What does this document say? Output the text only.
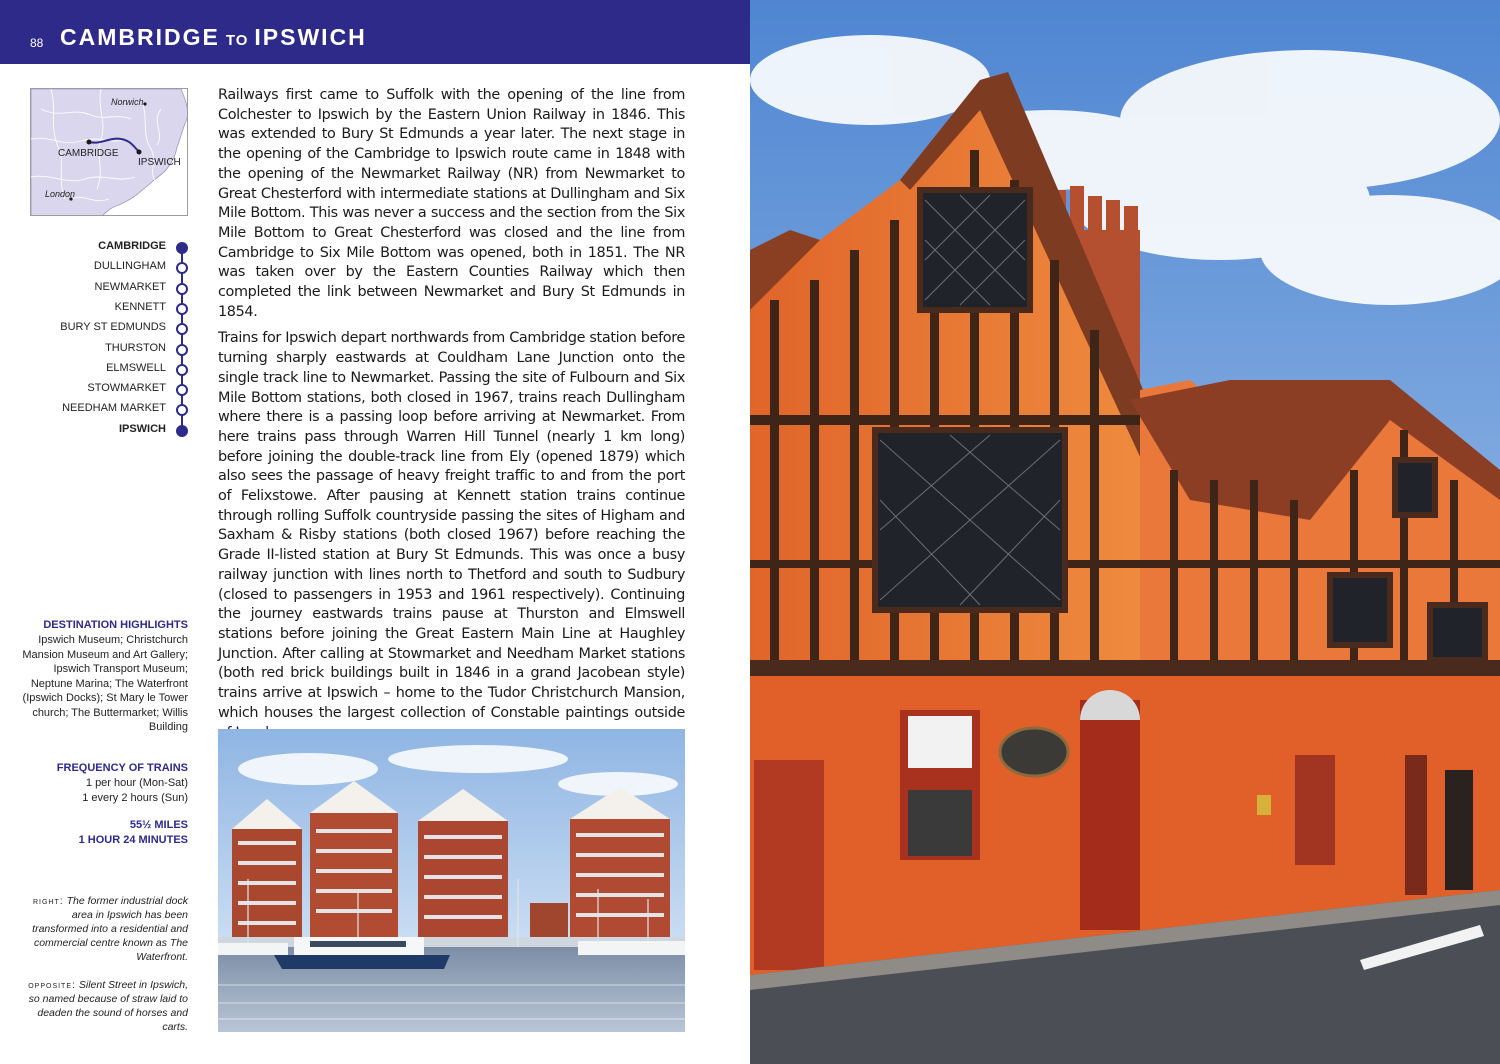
88 CAMBRIDGE TO IPSWICH
Norwich
CAMBRIDGE
IPSWICH
London
CAMBRIDGE
DULLINGHAM
NEWMARKET
KENNETT
BURY ST EDMUNDS
THURSTON
ELMSWELL
STOWMARKET
NEEDHAM MARKET
IPSWICH
DESTINATION HIGHLIGHTS
Ipswich Museum; Christchurch Mansion Museum and Art Gallery; Ipswich Transport Museum; Neptune Marina; The Waterfront (Ipswich Docks); St Mary le Tower church; The Buttermarket; Willis Building
FREQUENCY OF TRAINS
1 per hour (Mon-Sat)
1 every 2 hours (Sun)
55½ MILES
1 HOUR 24 MINUTES
right: The former industrial dock area in Ipswich has been transformed into a residential and commercial centre known as The Waterfront.
opposite: Silent Street in Ipswich, so named because of straw laid to deaden the sound of horses and carts.

Railways first came to Suffolk with the opening of the line from Colchester to Ipswich by the Eastern Union Railway in 1846. This was extended to Bury St Edmunds a year later. The next stage in the opening of the Cambridge to Ipswich route came in 1848 with the opening of the Newmarket Railway (NR) from Newmarket to Great Chesterford with intermediate stations at Dullingham and Six Mile Bottom. This was never a success and the section from the Six Mile Bottom to Great Chesterford was closed and the line from Cambridge to Six Mile Bottom was opened, both in 1851. The NR was taken over by the Eastern Counties Railway which then completed the link between Newmarket and Bury St Edmunds in 1854.

Trains for Ipswich depart northwards from Cambridge station before turning sharply eastwards at Couldham Lane Junction onto the single track line to Newmarket. Passing the site of Fulbourn and Six Mile Bottom stations, both closed in 1967, trains reach Dullingham where there is a passing loop before arriving at Newmarket. From here trains pass through Warren Hill Tunnel (nearly 1 km long) before joining the double-track line from Ely (opened 1879) which also sees the passage of heavy freight traffic to and from the port of Felixstowe. After pausing at Kennett station trains continue through rolling Suffolk countryside passing the sites of Higham and Saxham & Risby stations (both closed 1967) before reaching the Grade II-listed station at Bury St Edmunds. This was once a busy railway junction with lines north to Thetford and south to Sudbury (closed to passengers in 1953 and 1961 respectively). Continuing the journey eastwards trains pause at Thurston and Elmswell stations before joining the Great Eastern Main Line at Haughley Junction. After calling at Stowmarket and Needham Market stations (both red brick buildings built in 1846 in a grand Jacobean style) trains arrive at Ipswich – home to the Tudor Christchurch Mansion, which houses the largest collection of Constable paintings outside
